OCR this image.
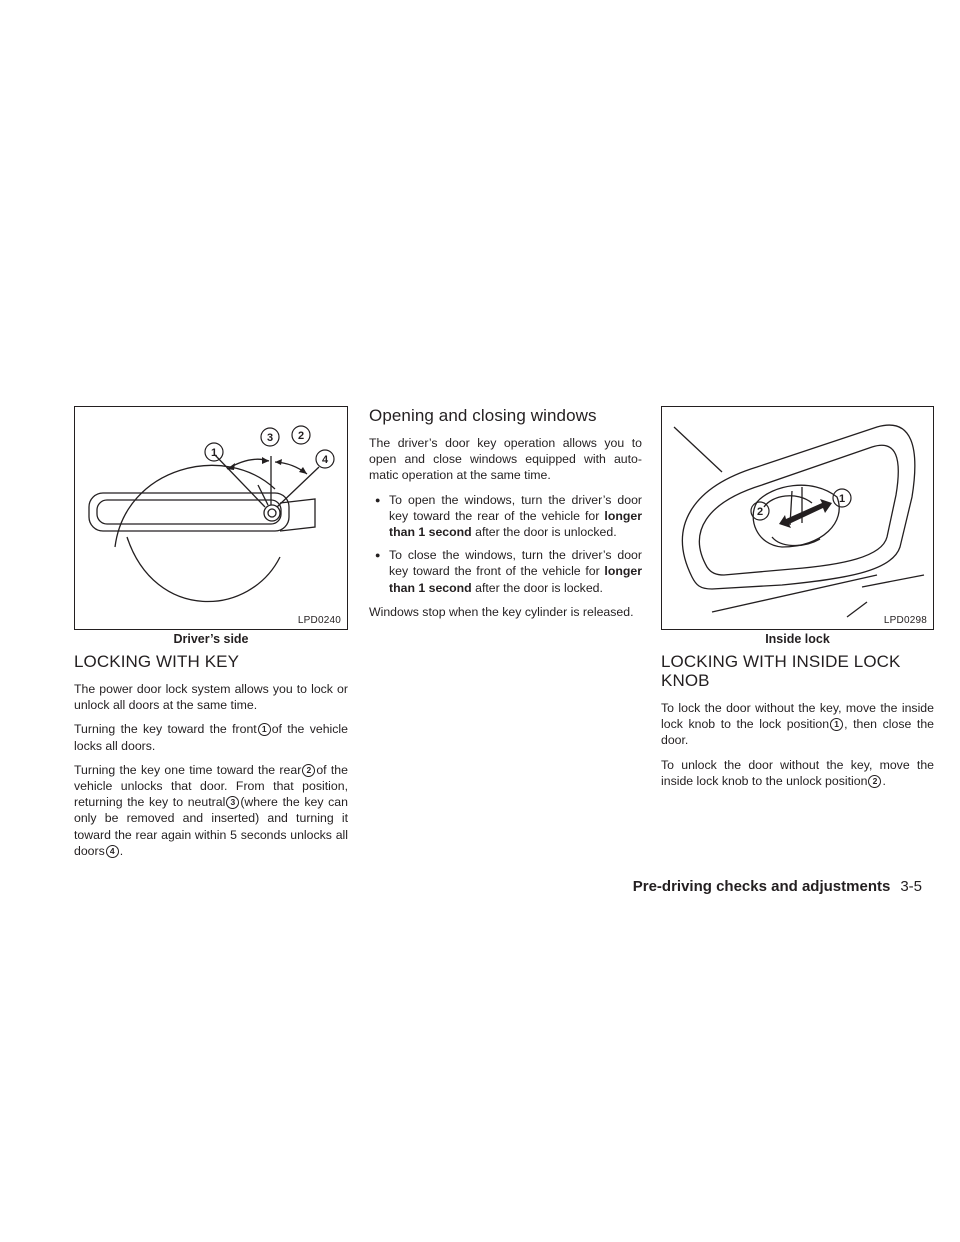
1
2
3
4
LPD0240
Driver’s side
LOCKING WITH KEY

The power door lock system allows you to lock or unlock all doors at the same time.

Turning the key toward the front 1 of the vehicle locks all doors.

Turning the key one time toward the rear 2 of the vehicle unlocks that door. From that position, returning the key to neutral 3 (where the key can only be removed and inserted) and turning it toward the rear again within 5 seconds unlocks all doors 4 .

Opening and closing windows

The driver’s door key operation allows you to open and close windows equipped with auto-matic operation at the same time.

● To open the windows, turn the driver’s door key toward the rear of the vehicle for longer than 1 second after the door is unlocked.
● To close the windows, turn the driver’s door key toward the front of the vehicle for longer than 1 second after the door is locked.

Windows stop when the key cylinder is released.

1
2
LPD0298
Inside lock
LOCKING WITH INSIDE LOCK KNOB

To lock the door without the key, move the inside lock knob to the lock position 1 , then close the door.

To unlock the door without the key, move the inside lock knob to the unlock position 2 .

Pre-driving checks and adjustments 3-5
